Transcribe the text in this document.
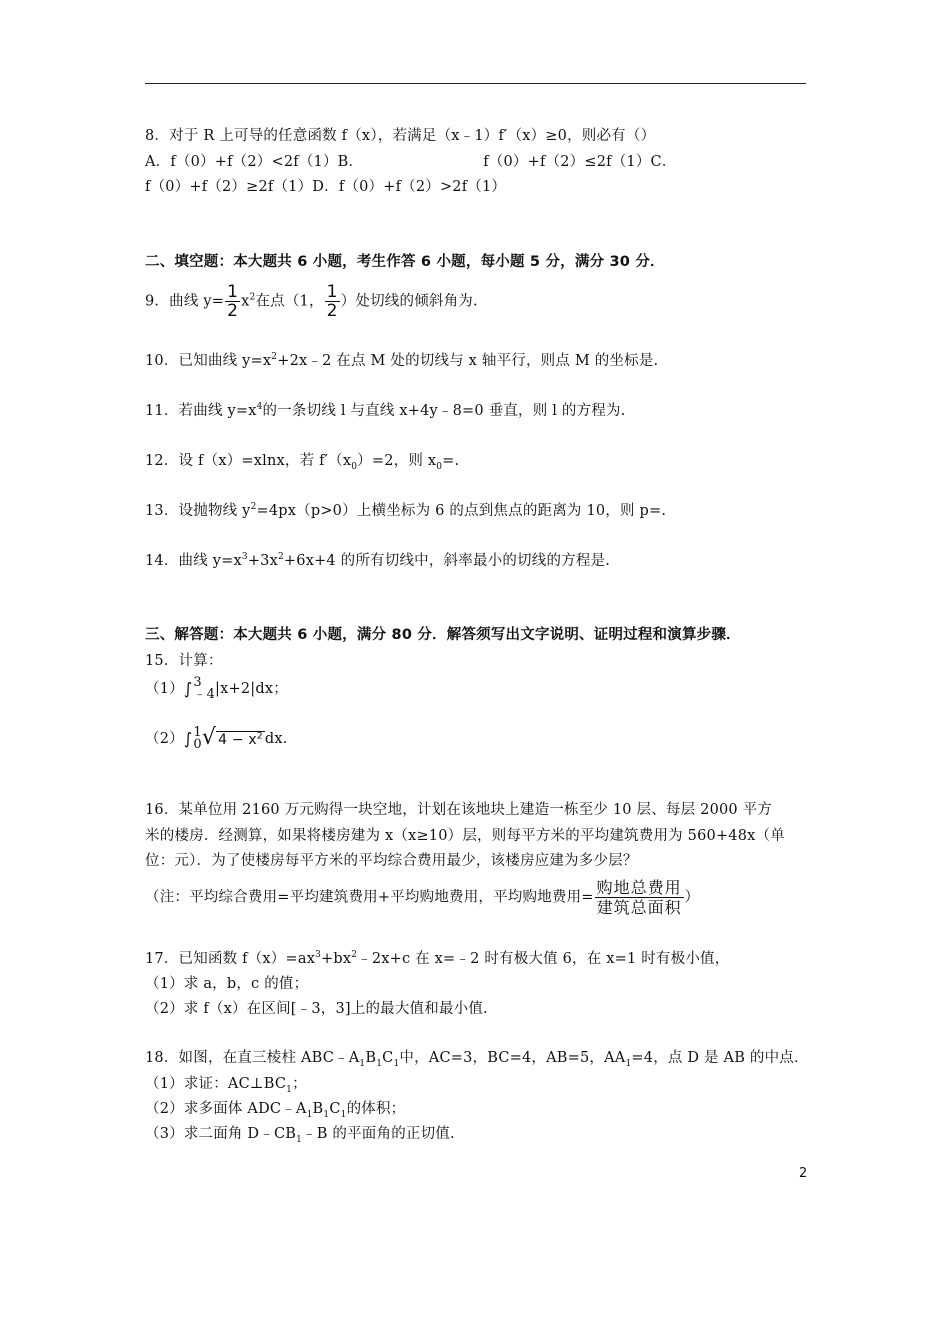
8．对于 R 上可导的任意函数 f（x），若满足（x﹣1）f′（x）≥0，则必有（）
A．f（0）+f（2）<2f（1）B．	f（0）+f（2）≤2f（1）C．
f（0）+f（2）≥2f（1）D．f（0）+f（2）>2f（1）
二、填空题：本大题共 6 小题，考生作答 6 小题，每小题 5 分，满分 30 分．
9．曲线 $y= \frac{1}{2} x^2$在点（1， $\frac{1}{2}$ ）处切线的倾斜角为.
10．已知曲线 $y=x^2+2x﹣2$ 在点 M 处的切线与 x 轴平行，则点 M 的坐标是.
11．若曲线 $y=x^4$的一条切线 l 与直线 x+4y﹣8=0 垂直，则 l 的方程为.
12．设 f（x）=xlnx，若 $f'(x_0)=2$，则 $x_0=$.
13．设抛物线 $y^2=4px(p>0)$上横坐标为 6 的点到焦点的距离为 10，则 p=.
14．曲线 $y=x^3+3x^2+6x+4$ 的所有切线中，斜率最小的切线的方程是.
三、解答题：本大题共 6 小题，满分 80 分．解答须写出文字说明、证明过程和演算步骤．
15．计算：
（1）∫ 3
﹣4 |x+2|dx；
（2）∫ 1
0 √ $4 - x^2$ dx.
16．某单位用 2160 万元购得一块空地，计划在该地块上建造一栋至少 10 层、每层 2000 平方
米的楼房．经测算，如果将楼房建为 x（x≥10）层，则每平方米的平均建筑费用为 560+48x（单
位：元）．为了使楼房每平方米的平均综合费用最少，该楼房应建为多少层？
（注：平均综合费用=平均建筑费用+平均购地费用，平均购地费用= $\frac{\text{购地总费用}}{\text{建筑总面积}}$ ）
17．已知函数 $f(x)=ax^3+bx^2﹣2x+c$ 在 x=﹣2 时有极大值 6，在 x=1 时有极小值，
（1）求 a，b，c 的值；
（2）求 f（x）在区间[﹣3，3]上的最大值和最小值.
18．如图，在直三棱柱 $ABC﹣A_1B_1C_1$中，AC=3，BC=4，AB=5，$AA_1=4$，点 D 是 AB 的中点．
（1）求证：$AC\perp BC_1$；
（2）求多面体 $ADC﹣A_1B_1C_1$的体积；
（3）求二面角 $D﹣CB_1﹣B$ 的平面角的正切值.
2
